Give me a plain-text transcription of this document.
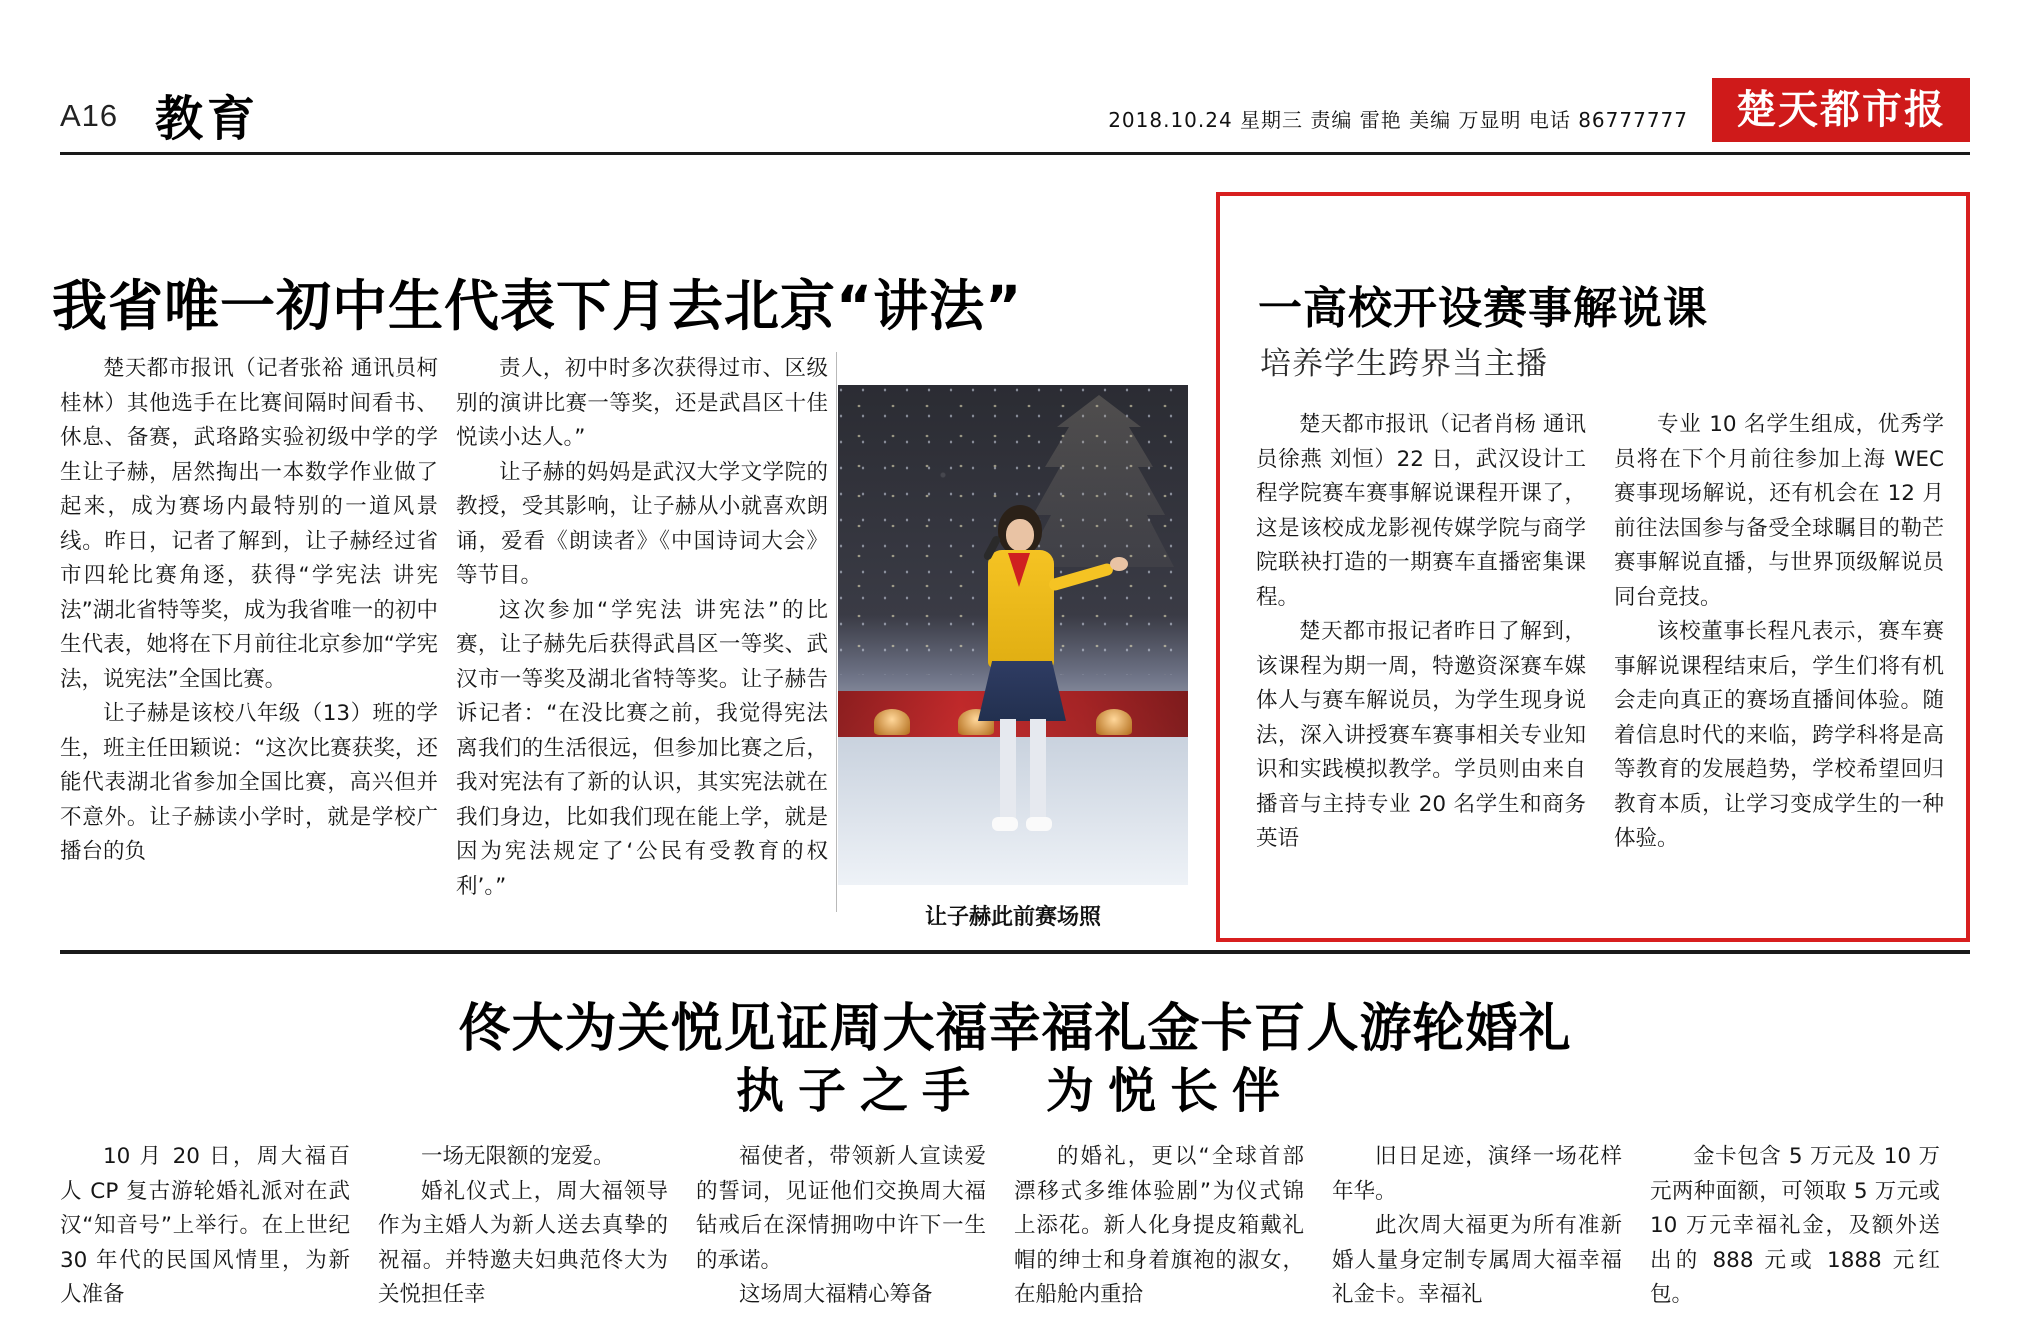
A16 教育	2018.10.24 星期三 责编 雷艳 美编 万显明 电话 86777777	楚天都市报
我省唯一初中生代表下月去北京“讲法”

楚天都市报讯（记者张裕 通讯员柯桂林）其他选手在比赛间隔时间看书、休息、备赛，武珞路实验初级中学的学生让子赫，居然掏出一本数学作业做了起来，成为赛场内最特别的一道风景线。昨日，记者了解到，让子赫经过省市四轮比赛角逐，获得“学宪法 讲宪法”湖北省特等奖，成为我省唯一的初中生代表，她将在下月前往北京参加“学宪法，说宪法”全国比赛。

让子赫是该校八年级（13）班的学生，班主任田颖说：“这次比赛获奖，还能代表湖北省参加全国比赛，高兴但并不意外。让子赫读小学时，就是学校广播台的负

责人，初中时多次获得过市、区级别的演讲比赛一等奖，还是武昌区十佳悦读小达人。”

让子赫的妈妈是武汉大学文学院的教授，受其影响，让子赫从小就喜欢朗诵，爱看《朗读者》《中国诗词大会》等节目。

这次参加“学宪法 讲宪法”的比赛，让子赫先后获得武昌区一等奖、武汉市一等奖及湖北省特等奖。让子赫告诉记者：“在没比赛之前，我觉得宪法离我们的生活很远，但参加比赛之后，我对宪法有了新的认识，其实宪法就在我们身边，比如我们现在能上学，就是因为宪法规定了‘公民有受教育的权利’。”

让子赫此前赛场照
一高校开设赛事解说课
培养学生跨界当主播

楚天都市报讯（记者肖杨 通讯员徐燕 刘恒）22 日，武汉设计工程学院赛车赛事解说课程开课了，这是该校成龙影视传媒学院与商学院联袂打造的一期赛车直播密集课程。

楚天都市报记者昨日了解到，该课程为期一周，特邀资深赛车媒体人与赛车解说员，为学生现身说法，深入讲授赛车赛事相关专业知识和实践模拟教学。学员则由来自播音与主持专业 20 名学生和商务英语

专业 10 名学生组成，优秀学员将在下个月前往参加上海 WEC 赛事现场解说，还有机会在 12 月前往法国参与备受全球瞩目的勒芒赛事解说直播，与世界顶级解说员同台竞技。

该校董事长程凡表示，赛车赛事解说课程结束后，学生们将有机会走向真正的赛场直播间体验。随着信息时代的来临，跨学科将是高等教育的发展趋势，学校希望回归教育本质，让学习变成学生的一种体验。

佟大为关悦见证周大福幸福礼金卡百人游轮婚礼
执子之手　为悦长伴

10 月 20 日，周大福百人 CP 复古游轮婚礼派对在武汉“知音号”上举行。在上世纪 30 年代的民国风情里，为新人准备

一场无限额的宠爱。

婚礼仪式上，周大福领导作为主婚人为新人送去真挚的祝福。并特邀夫妇典范佟大为关悦担任幸

福使者，带领新人宣读爱的誓词，见证他们交换周大福钻戒后在深情拥吻中许下一生的承诺。

这场周大福精心筹备

的婚礼，更以“全球首部漂移式多维体验剧”为仪式锦上添花。新人化身提皮箱戴礼帽的绅士和身着旗袍的淑女，在船舱内重拾

旧日足迹，演绎一场花样年华。

此次周大福更为所有准新婚人量身定制专属周大福幸福礼金卡。幸福礼

金卡包含 5 万元及 10 万元两种面额，可领取 5 万元或 10 万元幸福礼金，及额外送出的 888 元或 1888 元红包。
